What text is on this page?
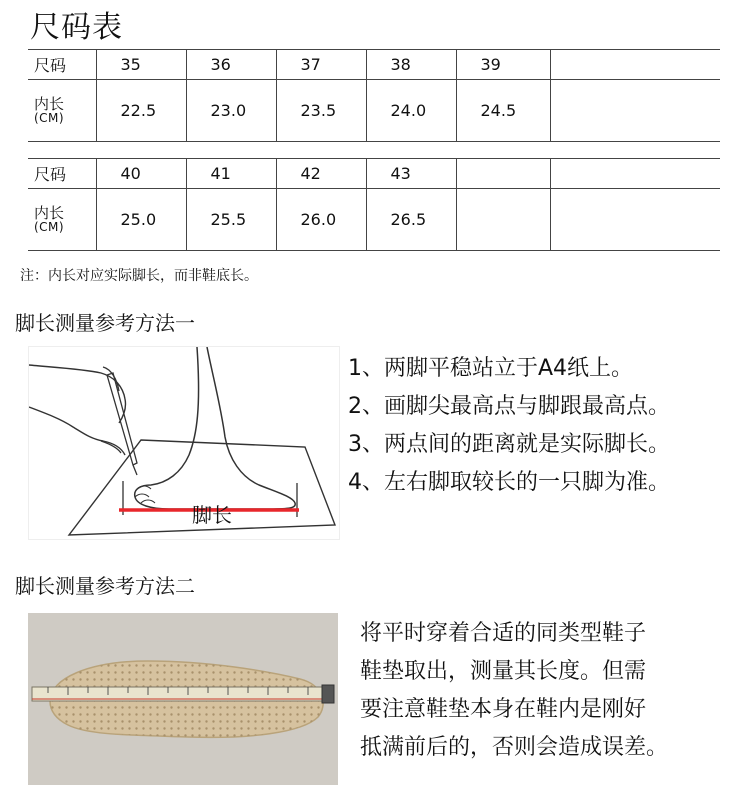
尺码表
尺码	35	36	37	38	39	

内长
(CM)	22.5	23.0	23.5	24.0	24.5	
尺码	40	41	42	43		

内长
(CM)	25.0	25.5	26.0	26.5		
注：内长对应实际脚长，而非鞋底长。
脚长测量参考方法一
脚长
1、两脚平稳站立于A4纸上。
2、画脚尖最高点与脚跟最高点。
3、两点间的距离就是实际脚长。
4、左右脚取较长的一只脚为准。
脚长测量参考方法二
将平时穿着合适的同类型鞋子
鞋垫取出，测量其长度。但需
要注意鞋垫本身在鞋内是刚好
抵满前后的，否则会造成误差。
